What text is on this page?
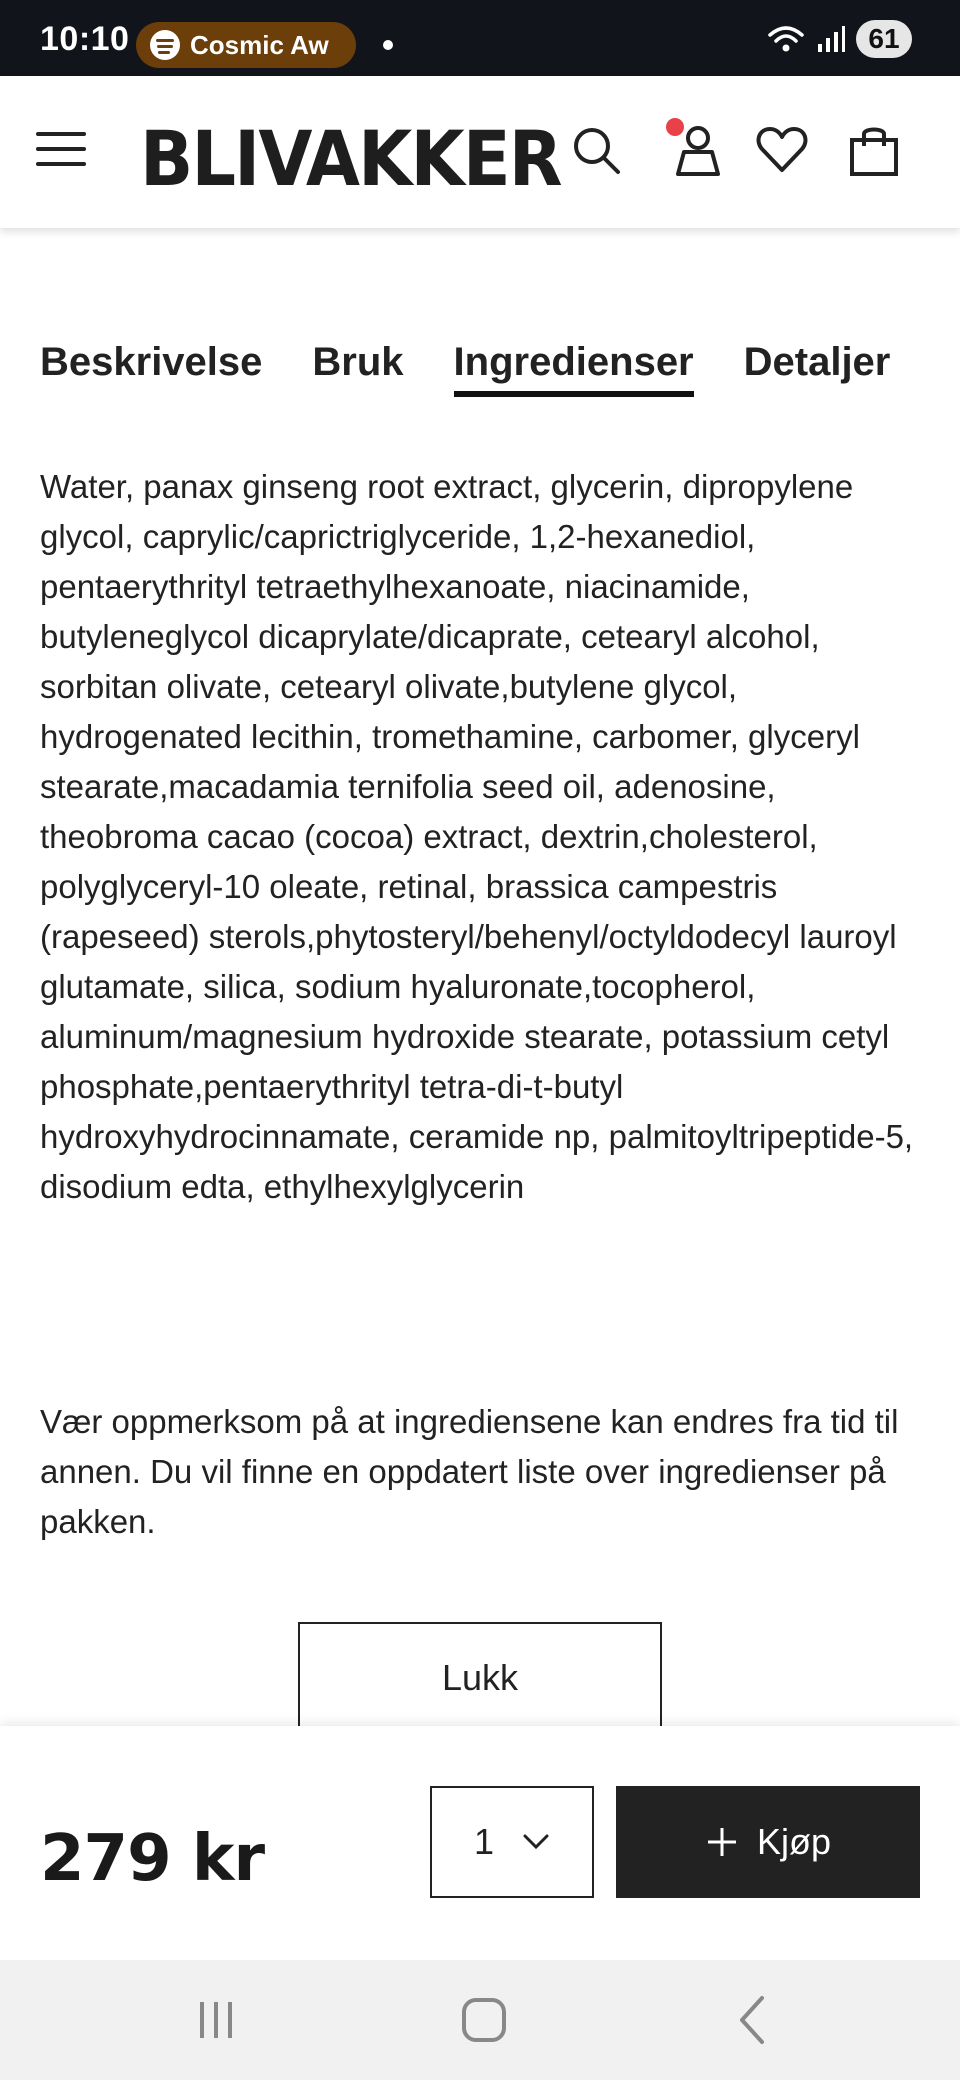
10:10 Cosmic Aw	61
BLIVAKKER
Beskrivelse Bruk Ingredienser Detaljer

Water, panax ginseng root extract, glycerin, dipropylene glycol, caprylic/caprictriglyceride, 1,2-hexanediol, pentaerythrityl tetraethylhexanoate, niacinamide, butyleneglycol dicaprylate/dicaprate, cetearyl alcohol, sorbitan olivate, cetearyl olivate,butylene glycol, hydrogenated lecithin, tromethamine, carbomer, glyceryl stearate,macadamia ternifolia seed oil, adenosine, theobroma cacao (cocoa) extract, dextrin,cholesterol, polyglyceryl-10 oleate, retinal, brassica campestris (rapeseed) sterols,phytosteryl/behenyl/octyldodecyl lauroyl glutamate, silica, sodium hyaluronate,tocopherol, aluminum/magnesium hydroxide stearate, potassium cetyl phosphate,pentaerythrityl tetra-di-t-butyl hydroxyhydrocinnamate, ceramide np, palmitoyltripeptide-5, disodium edta, ethylhexylglycerin

Vær oppmerksom på at ingrediensene kan endres fra tid til annen. Du vil finne en oppdatert liste over ingredienser på pakken.

Lukk
279 kr	1	Kjøp
